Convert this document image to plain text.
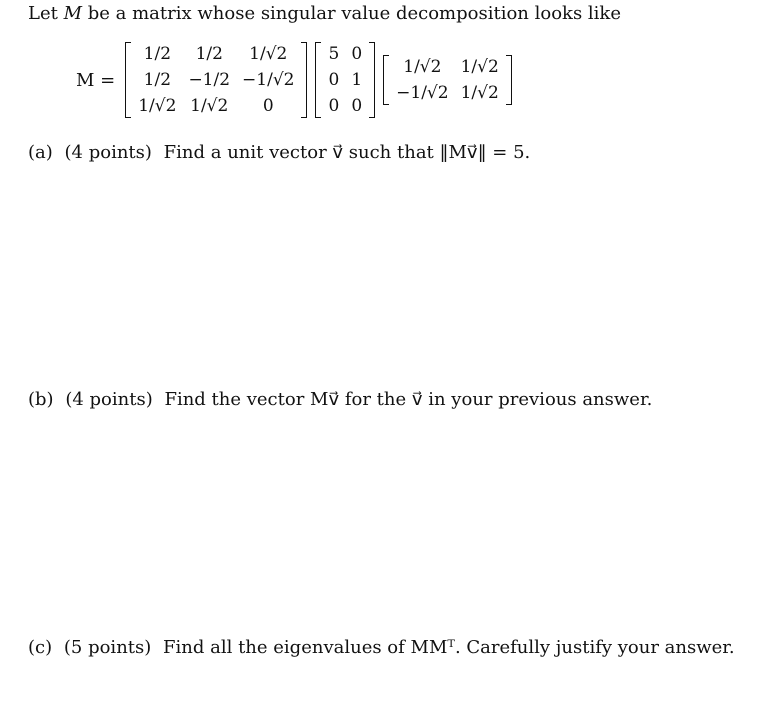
Let M be a matrix whose singular value decomposition looks like
M =
1/2	1/2	1/√2
1/2	−1/2	−1/√2
1/√2	1/√2	0
5	0
0	1
0	0
1/√2	1/√2
−1/√2	1/√2
(a) (4 points) Find a unit vector v⃗ such that ‖Mv⃗‖ = 5.
(b) (4 points) Find the vector Mv⃗ for the v⃗ in your previous answer.
(c) (5 points) Find all the eigenvalues of MMᵀ. Carefully justify your answer.
